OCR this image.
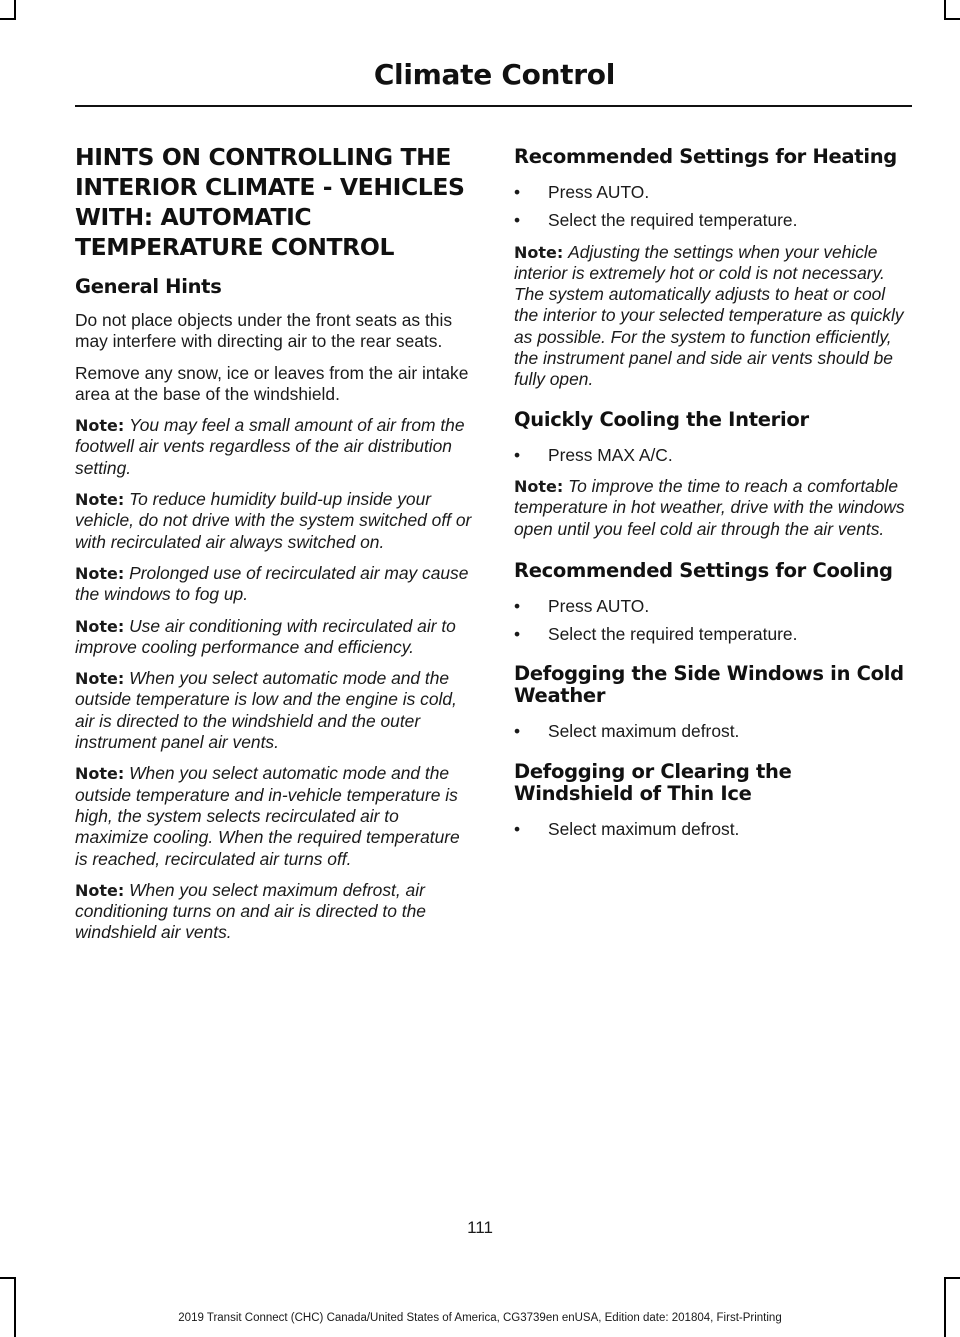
Climate Control
HINTS ON CONTROLLING THE INTERIOR CLIMATE - VEHICLES WITH: AUTOMATIC TEMPERATURE CONTROL
General Hints

Do not place objects under the front seats as this may interfere with directing air to the rear seats.

Remove any snow, ice or leaves from the air intake area at the base of the windshield.

Note: You may feel a small amount of air from the footwell air vents regardless of the air distribution setting.

Note: To reduce humidity build-up inside your vehicle, do not drive with the system switched off or with recirculated air always switched on.

Note: Prolonged use of recirculated air may cause the windows to fog up.

Note: Use air conditioning with recirculated air to improve cooling performance and efficiency.

Note: When you select automatic mode and the outside temperature is low and the engine is cold, air is directed to the windshield and the outer instrument panel air vents.

Note: When you select automatic mode and the outside temperature and in-vehicle temperature is high, the system selects recirculated air to maximize cooling. When the required temperature is reached, recirculated air turns off.

Note: When you select maximum defrost, air conditioning turns on and air is directed to the windshield air vents.

Recommended Settings for Heating
• Press AUTO.
• Select the required temperature.

Note: Adjusting the settings when your vehicle interior is extremely hot or cold is not necessary. The system automatically adjusts to heat or cool the interior to your selected temperature as quickly as possible. For the system to function efficiently, the instrument panel and side air vents should be fully open.

Quickly Cooling the Interior
• Press MAX A/C.

Note: To improve the time to reach a comfortable temperature in hot weather, drive with the windows open until you feel cold air through the air vents.

Recommended Settings for Cooling
• Press AUTO.
• Select the required temperature.
Defogging the Side Windows in Cold Weather
• Select maximum defrost.
Defogging or Clearing the Windshield of Thin Ice
• Select maximum defrost.
111
2019 Transit Connect (CHC) Canada/United States of America, CG3739en enUSA, Edition date: 201804, First-Printing
